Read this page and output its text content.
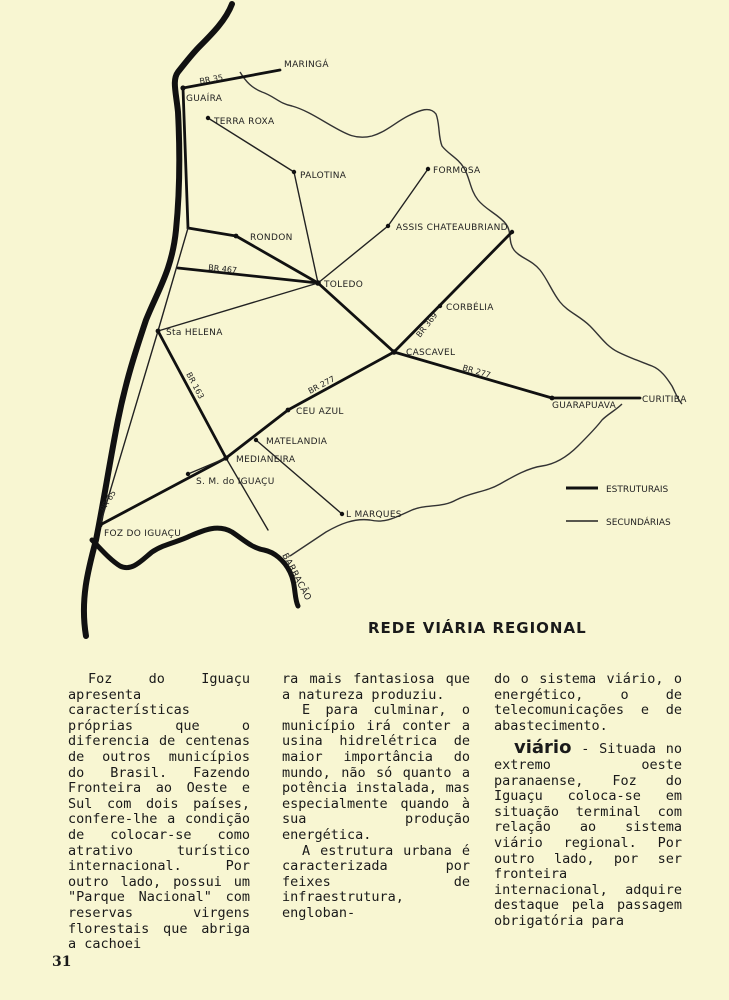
MARINGÁ
GUAÍRA
TERRA ROXA
PALOTINA	FORMOSA
ASSIS CHATEAUBRIAND
RONDON
TOLEDO
Sta HELENA
CORBÉLIA
CASCAVEL
CEU AZUL
MATELANDIA
MEDIANEIRA
S. M. do IGUAÇU
L MARQUES
FOZ DO IGUAÇU
GUARAPUAVA
CURITIBA
BARRACÃO
BR 35
BR 467
BR 163
BR 369
BR 277
BR 277
PR 65	ESTRUTURAIS
SECUNDÁRIAS
REDE VIÁRIA REGIONAL

Foz do Iguaçu apresenta características próprias que o diferencia de centenas de outros municípios do Brasil. Fazendo Fronteira ao Oeste e Sul com dois países, confere-lhe a condição de colocar-se como atrativo turístico internacional. Por outro lado, possui um "Parque Nacional" com reservas virgens florestais que abriga a cachoei

ra mais fantasiosa que a natureza produziu.

E para culminar, o município irá conter a usina hidrelétrica de maior importância do mundo, não só quanto a potência instalada, mas especialmente quando à sua produção energética.

A estrutura urbana é caracterizada por feixes de infraestrutura, engloban-

do o sistema viário, o energético, o de telecomunicações e de abastecimento.

viário - Situada no extremo oeste paranaense, Foz do Iguaçu coloca-se em situação terminal com relação ao sistema viário regional. Por outro lado, por ser fronteira internacional, adquire destaque pela passagem obrigatória para

31
